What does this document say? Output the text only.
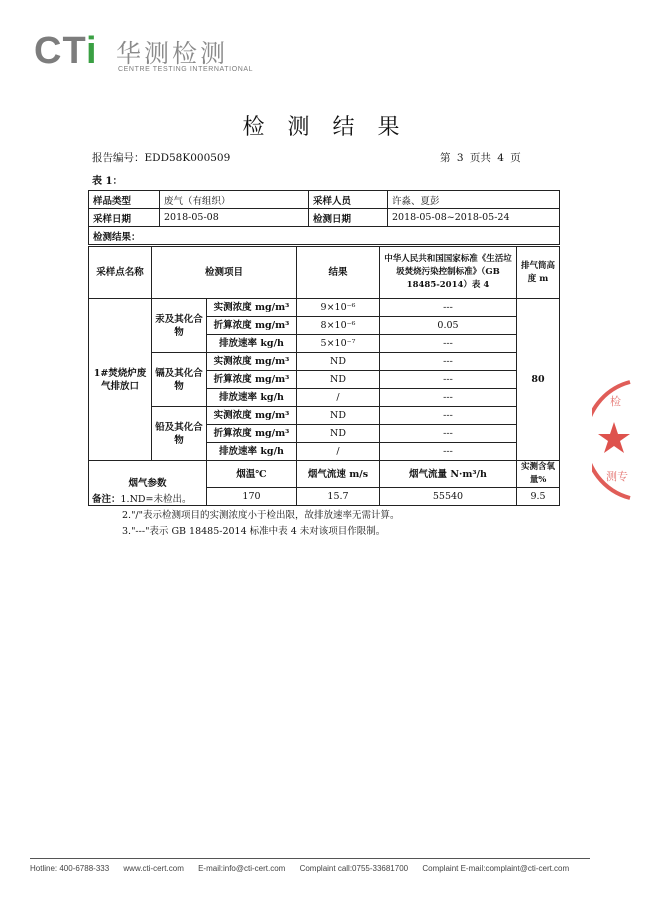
CTi 华测检测
CENTRE TESTING INTERNATIONAL
检 测 结 果
报告编号：EDD58K000509	第 3 页共 4 页
表 1：
样品类型	废气（有组织）	采样人员	许淼、夏彭
采样日期	2018-05-08	检测日期	2018-05-08~2018-05-24
检测结果：			
采样点名称	检测项目		结果	中华人民共和国国家标准《生活垃圾焚烧污染控制标准》（GB 18485-2014）表 4	排气筒高度 m
1#焚烧炉废气排放口	汞及其化合物	实测浓度 mg/m³	9×10⁻⁶	---	80
		折算浓度 mg/m³	8×10⁻⁶	0.05	
		排放速率 kg/h	5×10⁻⁷	---	
	镉及其化合物	实测浓度 mg/m³	ND	---	
		折算浓度 mg/m³	ND	---	
		排放速率 kg/h	/	---	
	铅及其化合物	实测浓度 mg/m³	ND	---	
		折算浓度 mg/m³	ND	---	
		排放速率 kg/h	/	---	
烟气参数		烟温℃	烟气流速 m/s	烟气流量 N·m³/h	实测含氧量%
		170	15.7	55540	9.5
备注：1.ND=未检出。
2."/"表示检测项目的实测浓度小于检出限，故排放速率无需计算。
3."---"表示 GB 18485-2014 标准中表 4 未对该项目作限制。
检
测专
Hotline: 400-6788-333 www.cti-cert.com E-mail:info@cti-cert.com Complaint call:0755-33681700 Complaint E-mail:complaint@cti-cert.com
